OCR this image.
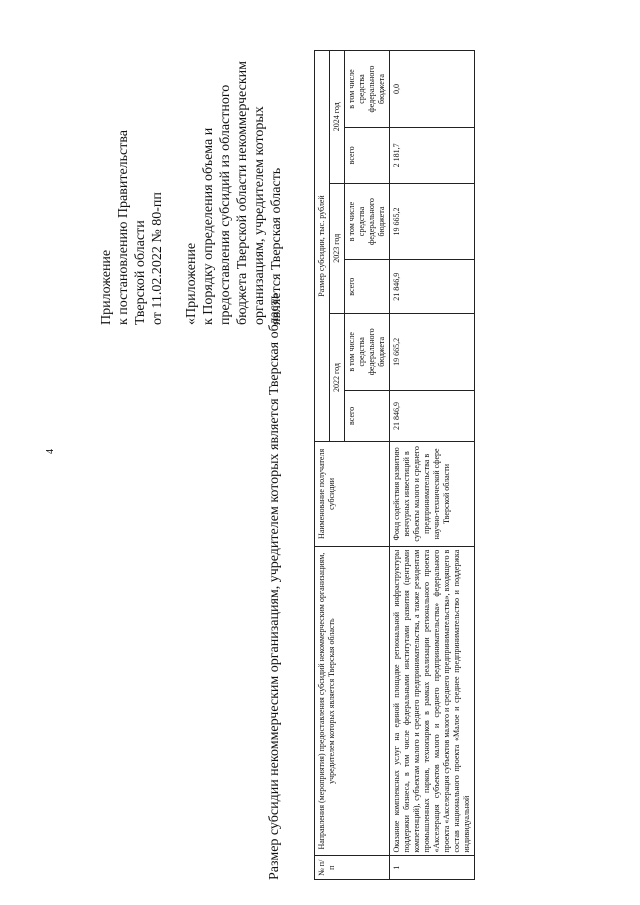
4
Приложение к постановлению Правительства Тверской области от 11.02.2022 № 80-пп «Приложение к Порядку определения объема и предоставления субсидий из областного бюджета Тверской области некоммерческим организациям, учредителем которых является Тверская область
Размер субсидии некоммерческим организациям, учредителем которых является Тверская область	№ п/п	Направления (мероприятия) предоставления субсидий некоммерческим организациям, учредителем которых является Тверская область	Наименование получателя субсидии	Размер субсидии, тыс. рублей					
			2022 год		2023 год		2024 год	
			всего	в том числе средства федерального бюджета	всего	в том числе средства федерального бюджета	всего	в том числе средства федерального бюджета
1	Оказание комплексных услуг на единой площадке региональной инфраструктуры поддержки бизнеса, в том числе федеральными институтами развития (центрами компетенций), субъектам малого и среднего предпринимательства, а также резидентам промышленных парков, технопарков в рамках реализации регионального проекта «Акселерация субъектов малого и среднего предпринимательства» федерального проекта «Акселерация субъектов малого и среднего предпринимательства», входящего в состав национального проекта «Малое и среднее предпринимательство и поддержка индивидуальной	Фонд содействия развитию венчурных инвестиций в субъекты малого и среднего предпринимательства в научно-технической сфере Тверской области	21 846,9	19 665,2	21 846,9	19 665,2	2 181,7	0,0
